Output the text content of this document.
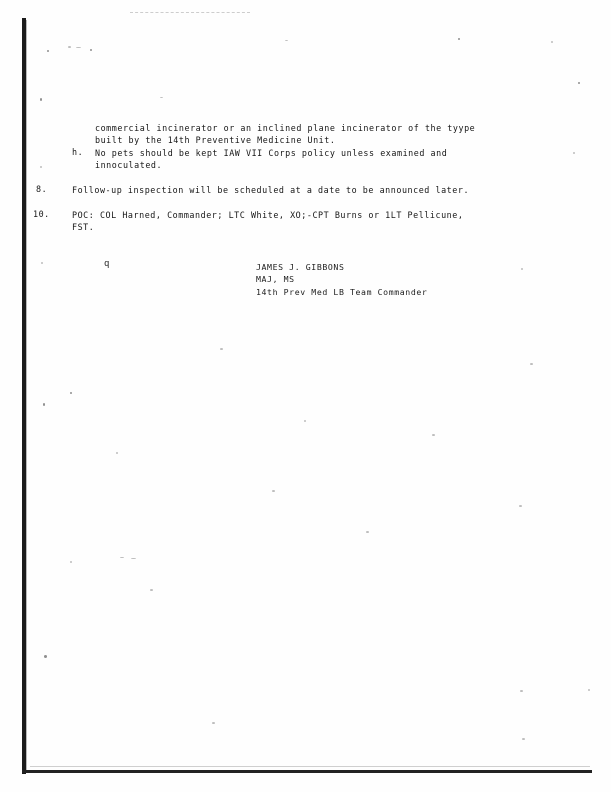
commercial incinerator or an inclined plane incinerator of the tyype
built by the 14th Preventive Medicine Unit.
h. No pets should be kept IAW VII Corps policy unless examined and
innoculated.
8.	Follow-up inspection will be scheduled at a date to be announced later.
10.	POC: COL Harned, Commander; LTC White, XO;-CPT Burns or 1LT Pellicune,
FST.
q	JAMES J. GIBBONS
MAJ, MS
14th Prev Med LB Team Commander
